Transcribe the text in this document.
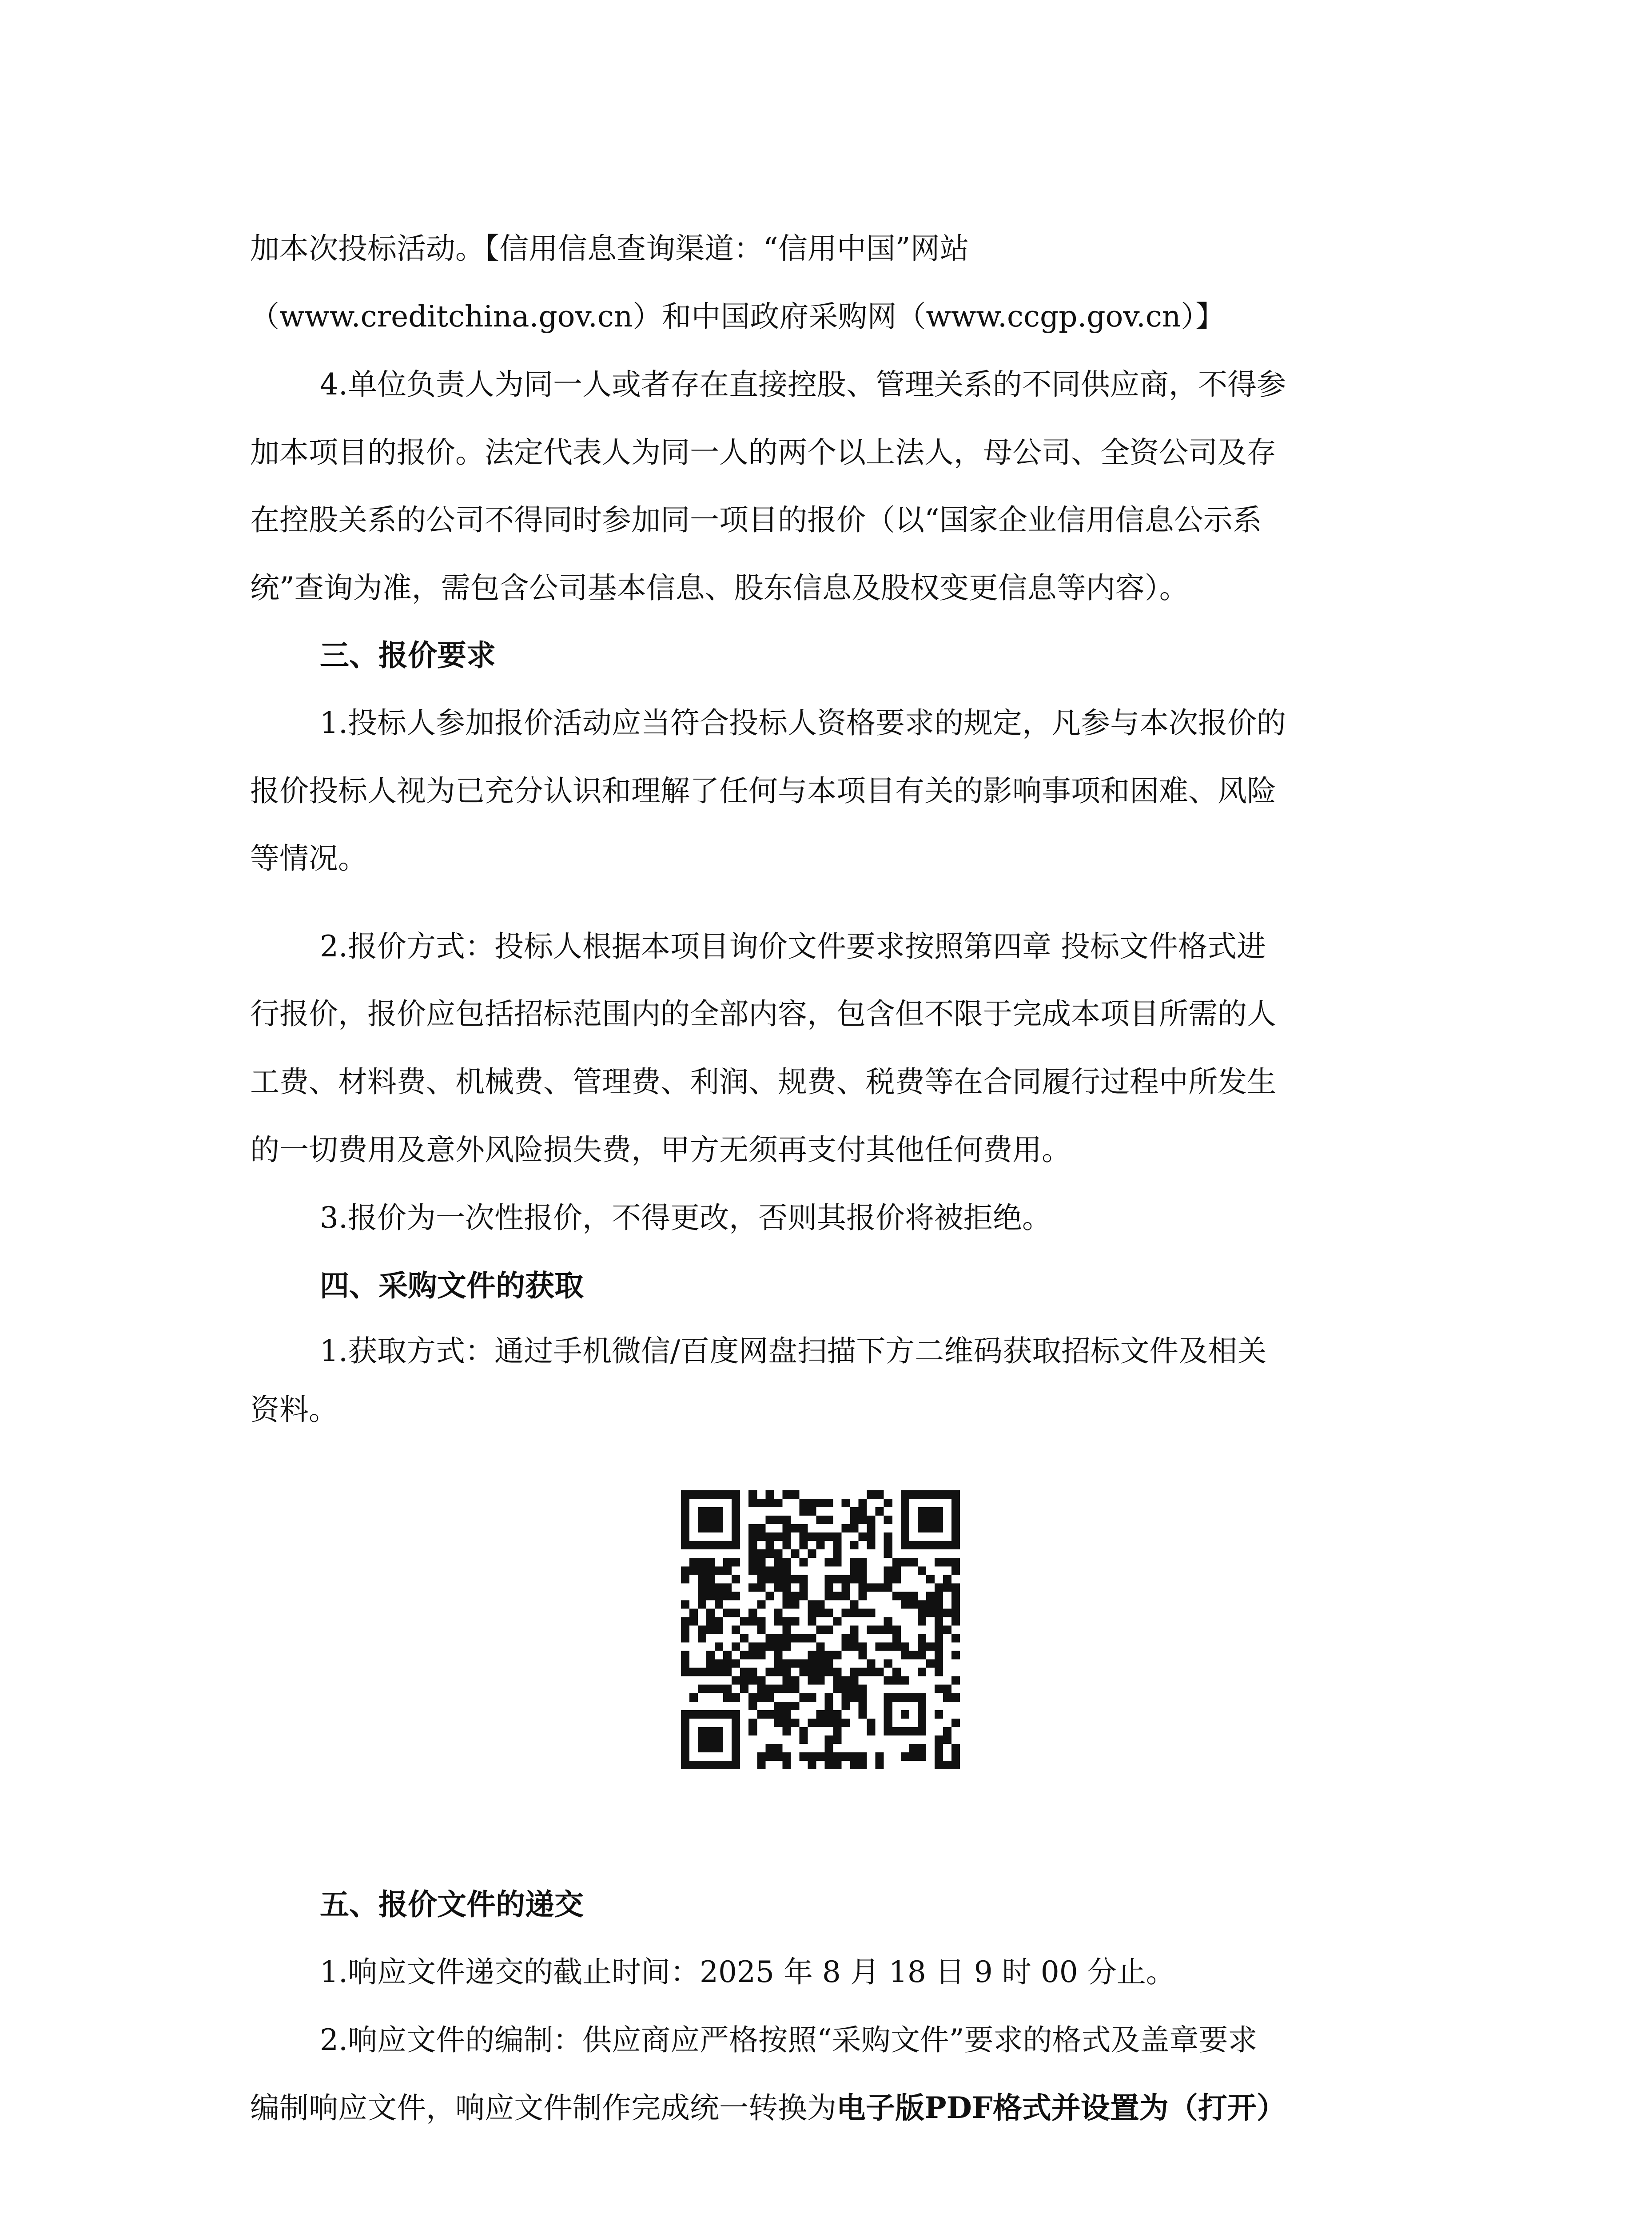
加本次投标活动。【信用信息查询渠道：“信用中国”网站
（www.creditchina.gov.cn）和中国政府采购网（www.ccgp.gov.cn）】
4.单位负责人为同一人或者存在直接控股、管理关系的不同供应商，不得参
加本项目的报价。法定代表人为同一人的两个以上法人，母公司、全资公司及存
在控股关系的公司不得同时参加同一项目的报价（以“国家企业信用信息公示系
统”查询为准，需包含公司基本信息、股东信息及股权变更信息等内容）。
三、报价要求
1.投标人参加报价活动应当符合投标人资格要求的规定，凡参与本次报价的
报价投标人视为已充分认识和理解了任何与本项目有关的影响事项和困难、风险
等情况。
2.报价方式：投标人根据本项目询价文件要求按照第四章 投标文件格式进
行报价，报价应包括招标范围内的全部内容，包含但不限于完成本项目所需的人
工费、材料费、机械费、管理费、利润、规费、税费等在合同履行过程中所发生
的一切费用及意外风险损失费，甲方无须再支付其他任何费用。
3.报价为一次性报价，不得更改，否则其报价将被拒绝。
四、采购文件的获取
1.获取方式：通过手机微信/百度网盘扫描下方二维码获取招标文件及相关
资料。
五、报价文件的递交
1.响应文件递交的截止时间：2025 年 8 月 18 日 9 时 00 分止。
2.响应文件的编制：供应商应严格按照“采购文件”要求的格式及盖章要求
编制响应文件，响应文件制作完成统一转换为电子版PDF格式并设置为（打开）
